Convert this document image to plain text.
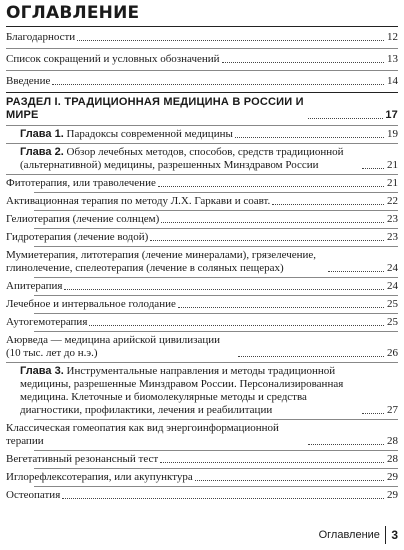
ОГЛАВЛЕНИЕ
Благодарности	12
Список сокращений и условных обозначений	13
Введение	14
РАЗДЕЛ I. ТРАДИЦИОННАЯ МЕДИЦИНА В РОССИИ И МИРЕ	17
Глава 1. Парадоксы современной медицины	19
Глава 2. Обзор лечебных методов, способов, средств традиционной (альтернативной) медицины, разрешенных Минздравом России	21
Фитотерапия, или траволечение	21
Активационная терапия по методу Л.Х. Гаркави и соавт.	22
Гелиотерапия (лечение солнцем)	23
Гидротерапия (лечение водой)	23
Мумиетерапия, литотерапия (лечение минералами), грязелечение, глинолечение, спелеотерапия (лечение в соляных пещерах)	24
Апитерапия	24
Лечебное и интервальное голодание	25
Аутогемотерапия	25
Аюрведа — медицина арийской цивилизации (10 тыс. лет до н.э.)	26
Глава 3. Инструментальные направления и методы традиционной медицины, разрешенные Минздравом России. Персонализированная медицина. Клеточные и биомолекулярные методы и средства диагностики, профилактики, лечения и реабилитации	27
Классическая гомеопатия как вид энергоинформационной терапии	28
Вегетативный резонансный тест	28
Иглорефлексотерапия, или акупунктура	29
Остеопатия	29
Оглавление 3
